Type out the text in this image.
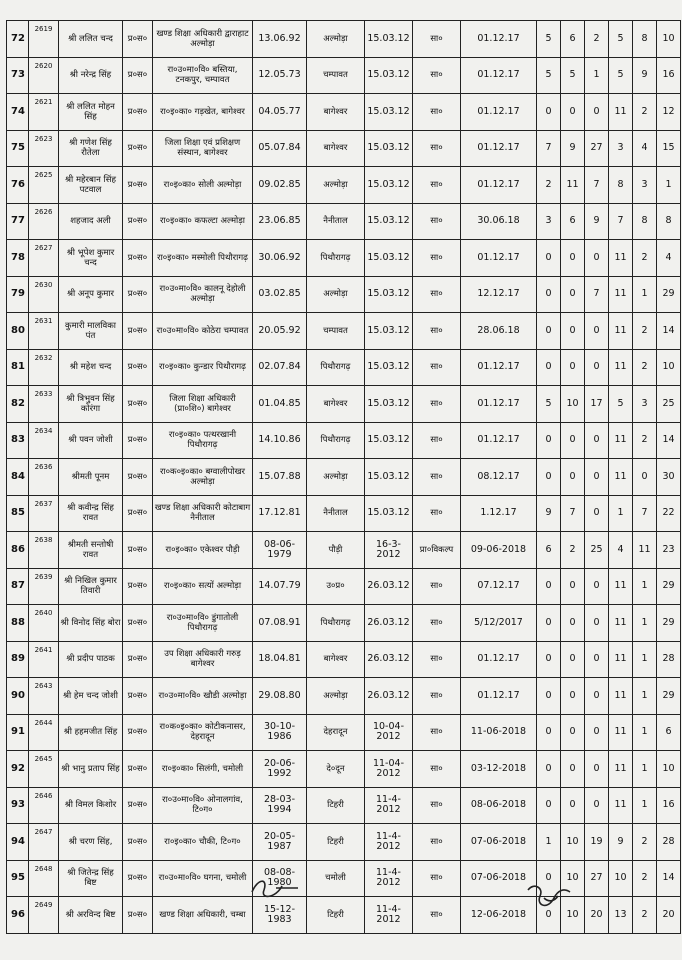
72	2619	श्री ललित चन्द	प्र०स०	खण्ड शिक्षा अधिकारी द्वाराहाट अल्मोड़ा	13.06.92	अल्मोड़ा	15.03.12	सा०	01.12.17	5	6	2	5	8	10
73	2620	श्री नरेन्द्र सिंह	प्र०स०	रा०उ०मा०वि० बस्तिया, टनकपुर, चम्पावत	12.05.73	चम्पावत	15.03.12	सा०	01.12.17	5	5	1	5	9	16
74	2621	श्री ललित मोहन सिंह	प्र०स०	रा०इ०का० गड़खेत, बागेश्वर	04.05.77	बागेश्वर	15.03.12	सा०	01.12.17	0	0	0	11	2	12
75	2623	श्री गणेश सिंह रौतेला	प्र०स०	जिला शिक्षा एवं प्रशिक्षण संस्थान, बागेश्वर	05.07.84	बागेश्वर	15.03.12	सा०	01.12.17	7	9	27	3	4	15
76	2625	श्री महेरबान सिंह पटवाल	प्र०स०	रा०इ०का० सोली अल्मोड़ा	09.02.85	अल्मोड़ा	15.03.12	सा०	01.12.17	2	11	7	8	3	1
77	2626	शहजाद अली	प्र०स०	रा०इ०का० कफल्टा अल्मोड़ा	23.06.85	नैनीताल	15.03.12	सा०	30.06.18	3	6	9	7	8	8
78	2627	श्री भूपेश कुमार चन्द	प्र०स०	रा०इ०का० मस्मोली पिथौरागढ़	30.06.92	पिथौरागढ़	15.03.12	सा०	01.12.17	0	0	0	11	2	4
79	2630	श्री अनूप कुमार	प्र०स०	रा०उ०मा०वि० कालनू देहोली अल्मोड़ा	03.02.85	अल्मोड़ा	15.03.12	सा०	12.12.17	0	0	7	11	1	29
80	2631	कुमारी मालविका पंत	प्र०स०	रा०उ०मा०वि० कोठेरा चम्पावत	20.05.92	चम्पावत	15.03.12	सा०	28.06.18	0	0	0	11	2	14
81	2632	श्री महेश चन्द	प्र०स०	रा०इ०का० कुन्डार पिथौरागढ़	02.07.84	पिथौरागढ़	15.03.12	सा०	01.12.17	0	0	0	11	2	10
82	2633	श्री त्रिभुवन सिंह कोरंगा	प्र०स०	जिला शिक्षा अधिकारी (प्रा०शि०) बागेश्वर	01.04.85	बागेश्वर	15.03.12	सा०	01.12.17	5	10	17	5	3	25
83	2634	श्री पवन जोशी	प्र०स०	रा०इ०का० पत्थरखानी पिथौरागढ़	14.10.86	पिथौरागढ़	15.03.12	सा०	01.12.17	0	0	0	11	2	14
84	2636	श्रीमती पूनम	प्र०स०	रा०क०इ०का० बग्वालीपोखर अल्मोड़ा	15.07.88	अल्मोड़ा	15.03.12	सा०	08.12.17	0	0	0	11	0	30
85	2637	श्री कवीन्द्र सिंह रावत	प्र०स०	खण्ड शिक्षा अधिकारी कोटाबाग नैनीताल	17.12.81	नैनीताल	15.03.12	सा०	1.12.17	9	7	0	1	7	22
86	2638	श्रीमती सन्तोषी रावत	प्र०स०	रा०इ०का० एकेश्वर पौड़ी	08-06-1979	पौड़ी	16-3-2012	प्रा०विकल्प	09-06-2018	6	2	25	4	11	23
87	2639	श्री निखिल कुमार तिवारी	प्र०स०	रा०इ०का० सत्यों अल्मोड़ा	14.07.79	उ०प्र०	26.03.12	सा०	07.12.17	0	0	0	11	1	29
88	2640	श्री विनोद सिंह बोरा	प्र०स०	रा०उ०मा०वि० डुंगातोली पिथौरागढ़	07.08.91	पिथौरागढ़	26.03.12	सा०	5/12/2017	0	0	0	11	1	29
89	2641	श्री प्रदीप पाठक	प्र०स०	उप शिक्षा अधिकारी गरुड़ बागेश्वर	18.04.81	बागेश्वर	26.03.12	सा०	01.12.17	0	0	0	11	1	28
90	2643	श्री हेम चन्द जोशी	प्र०स०	रा०उ०मा०वि० खौडी अल्मोड़ा	29.08.80	अल्मोड़ा	26.03.12	सा०	01.12.17	0	0	0	11	1	29
91	2644	श्री हहमजीत सिंह	प्र०स०	रा०क०इ०का० कोटीकनासर, देहरादून	30-10-1986	देहरादून	10-04-2012	सा०	11-06-2018	0	0	0	11	1	6
92	2645	श्री भानु प्रताप सिंह	प्र०स०	रा०इ०का० सिलंगी, चमोली	20-06-1992	दे०दून	11-04-2012	सा०	03-12-2018	0	0	0	11	1	10
93	2646	श्री विमल किशोर	प्र०स०	रा०उ०मा०वि० ओनालगांव, टि०ग०	28-03-1994	टिहरी	11-4-2012	सा०	08-06-2018	0	0	0	11	1	16
94	2647	श्री चरण सिंह,	प्र०स०	रा०इ०का० चौकी, टि०ग०	20-05-1987	टिहरी	11-4-2012	सा०	07-06-2018	1	10	19	9	2	28
95	2648	श्री जितेन्द्र सिंह बिष्ट	प्र०स०	रा०उ०मा०वि० घगना, चमोली	08-08-1980	चमोली	11-4-2012	सा०	07-06-2018	0	10	27	10	2	14
96	2649	श्री अरविन्द बिष्ट	प्र०स०	खण्ड शिक्षा अधिकारी, चम्बा	15-12-1983	टिहरी	11-4-2012	सा०	12-06-2018	0	10	20	13	2	20
